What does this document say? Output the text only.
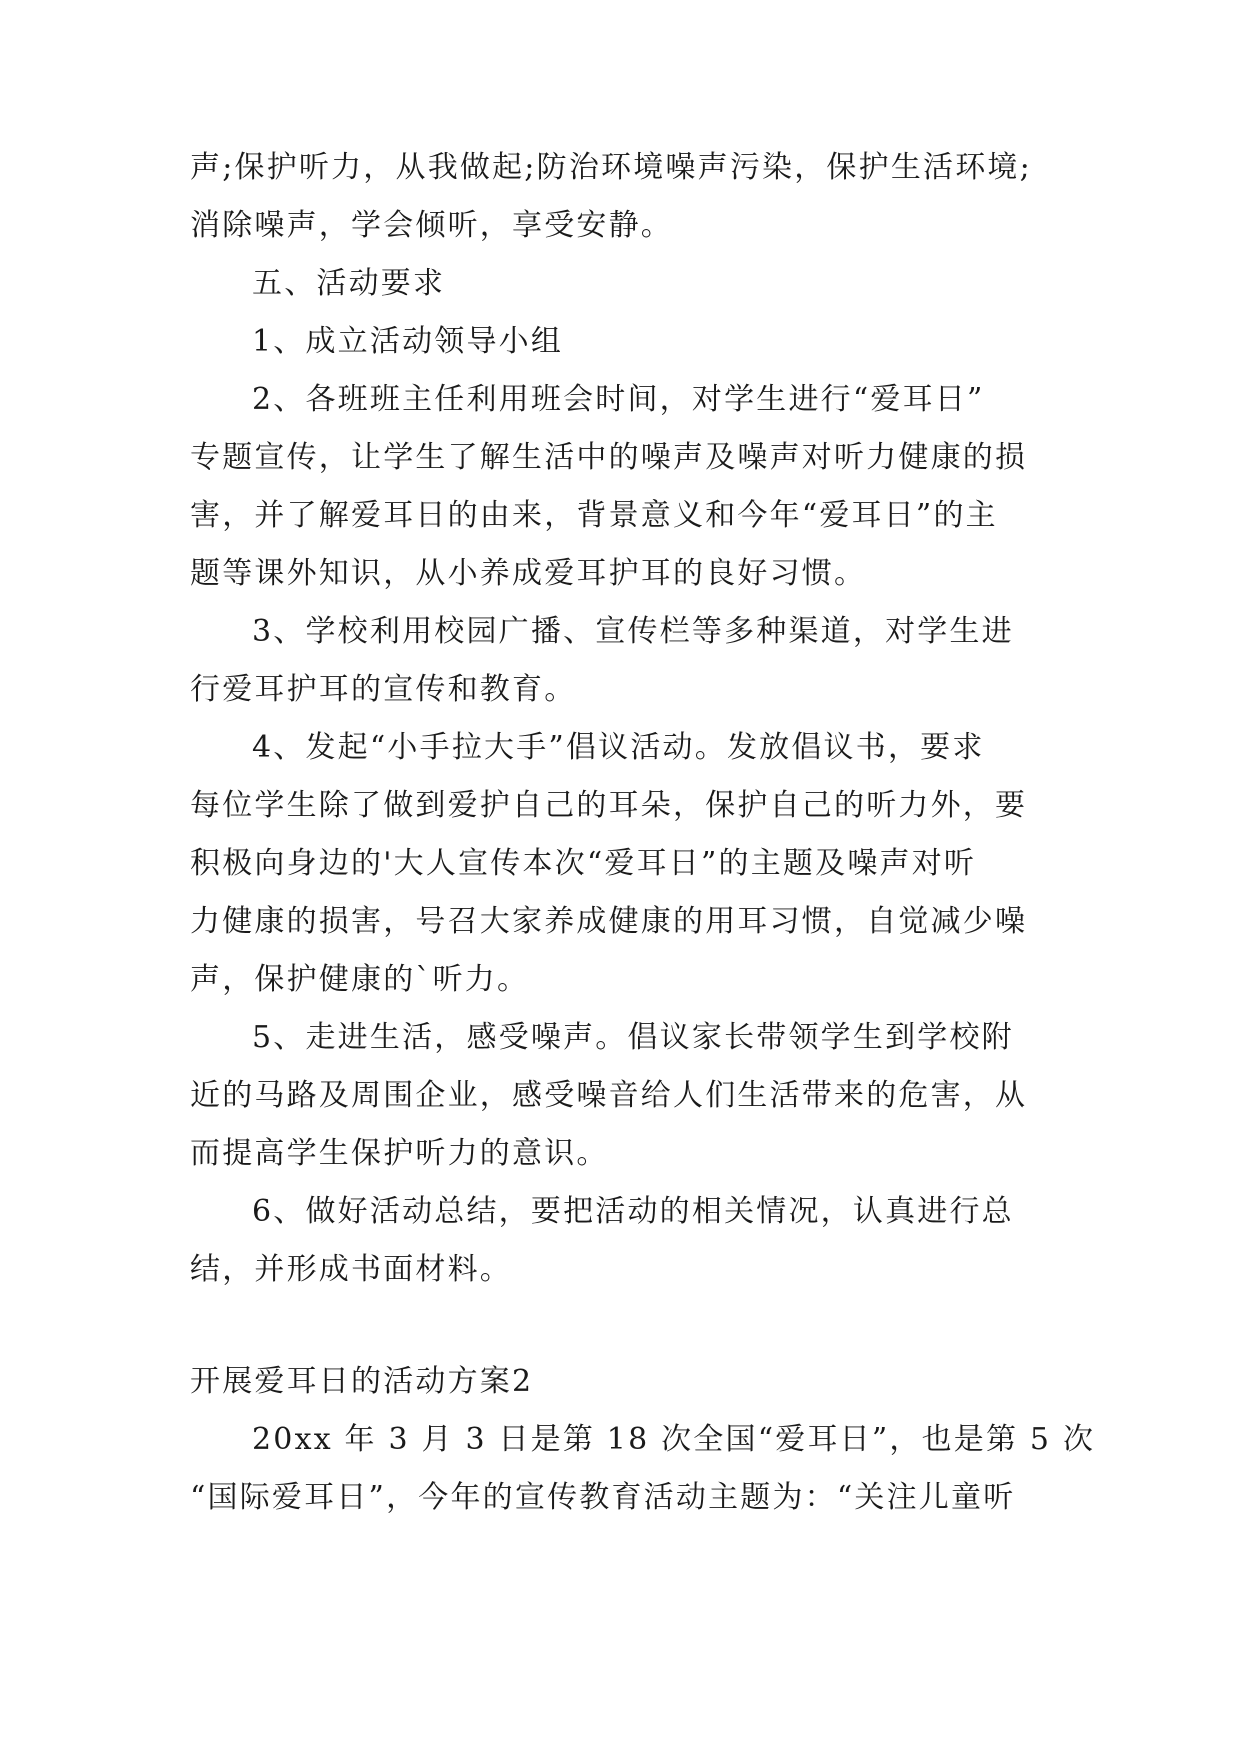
声;保护听力，从我做起;防治环境噪声污染，保护生活环境;
消除噪声，学会倾听，享受安静。
五、活动要求
1、成立活动领导小组
2、各班班主任利用班会时间，对学生进行“爱耳日”
专题宣传，让学生了解生活中的噪声及噪声对听力健康的损
害，并了解爱耳日的由来，背景意义和今年“爱耳日”的主
题等课外知识，从小养成爱耳护耳的良好习惯。
3、学校利用校园广播、宣传栏等多种渠道，对学生进
行爱耳护耳的宣传和教育。
4、发起“小手拉大手”倡议活动。发放倡议书，要求
每位学生除了做到爱护自己的耳朵，保护自己的听力外，要
积极向身边的'大人宣传本次“爱耳日”的主题及噪声对听
力健康的损害，号召大家养成健康的用耳习惯，自觉减少噪
声，保护健康的`听力。
5、走进生活，感受噪声。倡议家长带领学生到学校附
近的马路及周围企业，感受噪音给人们生活带来的危害，从
而提高学生保护听力的意识。
6、做好活动总结，要把活动的相关情况，认真进行总
结，并形成书面材料。
开展爱耳日的活动方案2
20xx 年 3 月 3 日是第 18 次全国“爱耳日”，也是第 5 次
“国际爱耳日”，今年的宣传教育活动主题为：“关注儿童听
